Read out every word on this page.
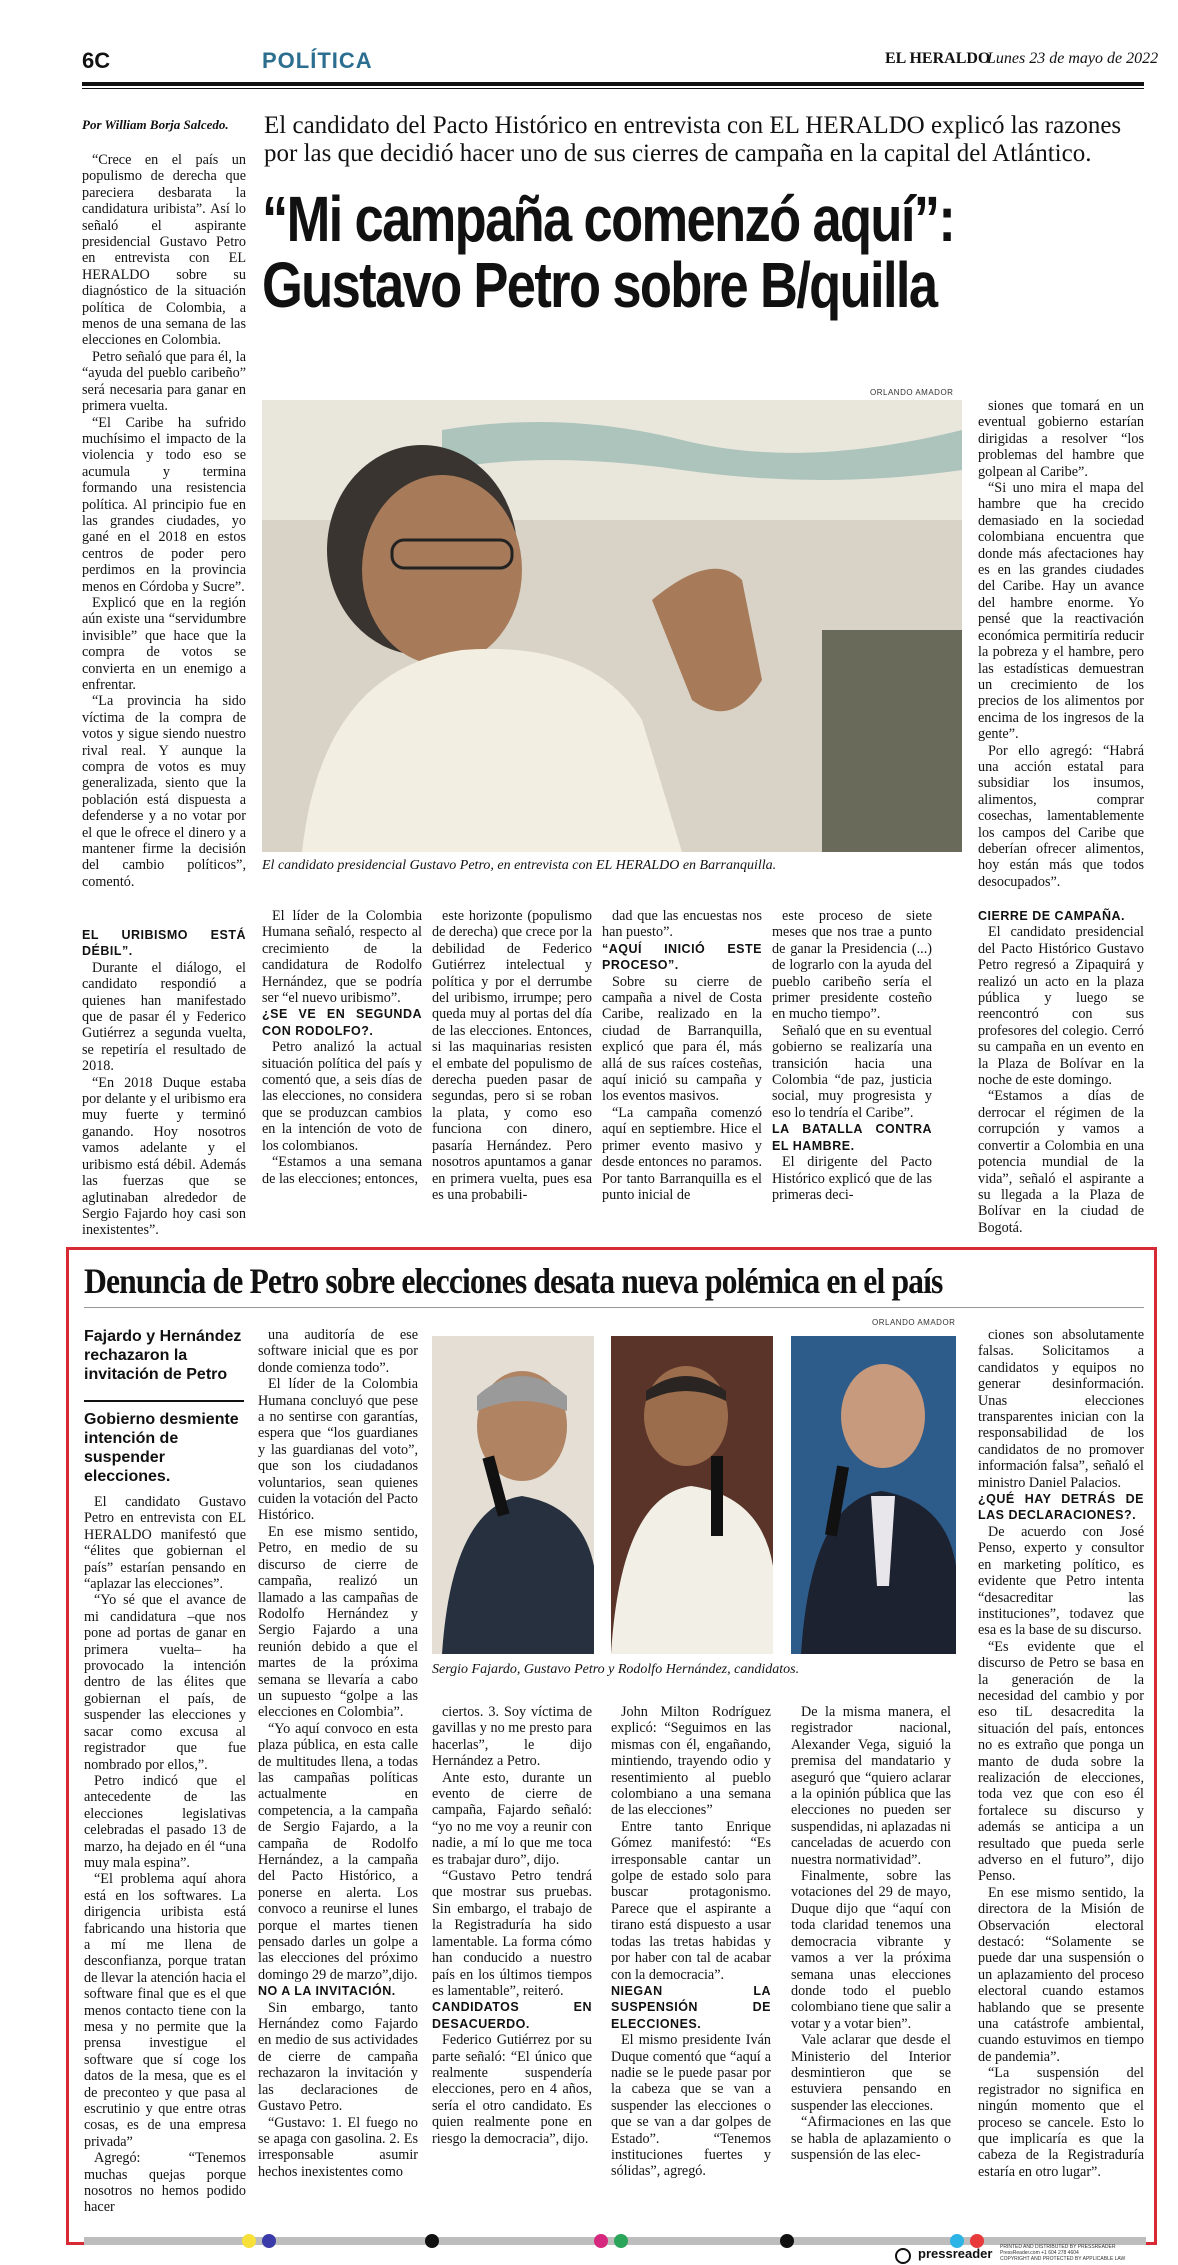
6C	POLÍTICA	EL HERALDO
Lunes 23 de mayo de 2022
Por William Borja Salcedo.	El candidato del Pacto Histórico en entrevista con EL HERALDO explicó las razones por las que decidió hacer uno de sus cierres de campaña en la capital del Atlántico.
“Mi campaña comenzó aquí”:
Gustavo Petro sobre B/quilla

“Crece en el país un populismo de derecha que pareciera desbarata la candidatura uribista”. Así lo señaló el aspirante presidencial Gustavo Petro en entrevista con EL HERALDO sobre su diagnóstico de la situación política de Colombia, a menos de una semana de las elecciones en Colombia.

Petro señaló que para él, la “ayuda del pueblo caribeño” será necesaria para ganar en primera vuelta.

“El Caribe ha sufrido muchísimo el impacto de la violencia y todo eso se acumula y termina formando una resistencia política. Al principio fue en las grandes ciudades, yo gané en el 2018 en estos centros de poder pero perdimos en la provincia menos en Córdoba y Sucre”.

Explicó que en la región aún existe una “servidumbre invisible” que hace que la compra de votos se convierta en un enemigo a enfrentar.

“La provincia ha sido víctima de la compra de votos y sigue siendo nuestro rival real. Y aunque la compra de votos es muy generalizada, siento que la población está dispuesta a defenderse y a no votar por el que le ofrece el dinero y a mantener firme la decisión del cambio políticos”, comentó.

EL URIBISMO ESTÁ DÉBIL”.

Durante el diálogo, el candidato respondió a quienes han manifestado que de pasar él y Federico Gutiérrez a segunda vuelta, se repetiría el resultado de 2018.

“En 2018 Duque estaba por delante y el uribismo era muy fuerte y terminó ganando. Hoy nosotros vamos adelante y el uribismo está débil. Además las fuerzas que se aglutinaban alrededor de Sergio Fajardo hoy casi son inexistentes”.

ORLANDO AMADOR
El candidato presidencial Gustavo Petro, en entrevista con EL HERALDO en Barranquilla.

El líder de la Colombia Humana señaló, respecto al crecimiento de la candidatura de Rodolfo Hernández, que se podría ser “el nuevo uribismo”.

¿SE VE EN SEGUNDA CON RODOLFO?.

Petro analizó la actual situación política del país y comentó que, a seis días de las elecciones, no considera que se produzcan cambios en la intención de voto de los colombianos.

“Estamos a una semana de las elecciones; entonces,

este horizonte (populismo de derecha) que crece por la debilidad de Federico Gutiérrez intelectual y política y por el derrumbe del uribismo, irrumpe; pero queda muy al portas del día de las elecciones. Entonces, si las maquinarias resisten el embate del populismo de derecha pueden pasar de segundas, pero si se roban la plata, y como eso funciona con dinero, pasaría Hernández. Pero nosotros apuntamos a ganar en primera vuelta, pues esa es una probabili-

dad que las encuestas nos han puesto”.

“AQUÍ INICIÓ ESTE PROCESO”.

Sobre su cierre de campaña a nivel de Costa Caribe, realizado en la ciudad de Barranquilla, explicó que para él, más allá de sus raíces costeñas, aquí inició su campaña y los eventos masivos.

“La campaña comenzó aquí en septiembre. Hice el primer evento masivo y desde entonces no paramos. Por tanto Barranquilla es el punto inicial de

este proceso de siete meses que nos trae a punto de ganar la Presidencia (...) de lograrlo con la ayuda del pueblo caribeño sería el primer presidente costeño en mucho tiempo”.

Señaló que en su eventual gobierno se realizaría una transición hacia una Colombia “de paz, justicia social, muy progresista y eso lo tendría el Caribe”.

LA BATALLA CONTRA EL HAMBRE.

El dirigente del Pacto Histórico explicó que de las primeras deci-

siones que tomará en un eventual gobierno estarían dirigidas a resolver “los problemas del hambre que golpean al Caribe”.

“Si uno mira el mapa del hambre que ha crecido demasiado en la sociedad colombiana encuentra que donde más afectaciones hay es en las grandes ciudades del Caribe. Hay un avance del hambre enorme. Yo pensé que la reactivación económica permitiría reducir la pobreza y el hambre, pero las estadísticas demuestran un crecimiento de los precios de los alimentos por encima de los ingresos de la gente”.

Por ello agregó: “Habrá una acción estatal para subsidiar los insumos, alimentos, comprar cosechas, lamentablemente los campos del Caribe que deberían ofrecer alimentos, hoy están más que todos desocupados”.

CIERRE DE CAMPAÑA.

El candidato presidencial del Pacto Histórico Gustavo Petro regresó a Zipaquirá y realizó un acto en la plaza pública y luego se reencontró con sus profesores del colegio. Cerró su campaña en un evento en la Plaza de Bolívar en la noche de este domingo.

“Estamos a días de derrocar el régimen de la corrupción y vamos a convertir a Colombia en una potencia mundial de la vida”, señaló el aspirante a su llegada a la Plaza de Bolívar en la ciudad de Bogotá.

Denuncia de Petro sobre elecciones desata nueva polémica en el país
Fajardo y Hernández rechazaron la invitación de Petro
Gobierno desmiente intención de suspender elecciones.

El candidato Gustavo Petro en entrevista con EL HERALDO manifestó que “élites que gobiernan el país” estarían pensando en “aplazar las elecciones”.

“Yo sé que el avance de mi candidatura –que nos pone ad portas de ganar en primera vuelta– ha provocado la intención dentro de las élites que gobiernan el país, de suspender las elecciones y sacar como excusa al registrador que fue nombrado por ellos,”.

Petro indicó que el antecedente de las elecciones legislativas celebradas el pasado 13 de marzo, ha dejado en él “una muy mala espina”.

“El problema aquí ahora está en los softwares. La dirigencia uribista está fabricando una historia que a mí me llena de desconfianza, porque tratan de llevar la atención hacia el software final que es el que menos contacto tiene con la mesa y no permite que la prensa investigue el software que sí coge los datos de la mesa, que es el de preconteo y que pasa al escrutinio y que entre otras cosas, es de una empresa privada”

Agregó: “Tenemos muchas quejas porque nosotros no hemos podido hacer

una auditoría de ese software inicial que es por donde comienza todo”.

El líder de la Colombia Humana concluyó que pese a no sentirse con garantías, espera que “los guardianes y las guardianas del voto”, que son los ciudadanos voluntarios, sean quienes cuiden la votación del Pacto Histórico.

En ese mismo sentido, Petro, en medio de su discurso de cierre de campaña, realizó un llamado a las campañas de Rodolfo Hernández y Sergio Fajardo a una reunión debido a que el martes de la próxima semana se llevaría a cabo un supuesto “golpe a las elecciones en Colombia”.

“Yo aquí convoco en esta plaza pública, en esta calle de multitudes llena, a todas las campañas políticas actualmente en competencia, a la campaña de Sergio Fajardo, a la campaña de Rodolfo Hernández, a la campaña del Pacto Histórico, a ponerse en alerta. Los convoco a reunirse el lunes porque el martes tienen pensado darles un golpe a las elecciones del próximo domingo 29 de marzo”,dijo.

NO A LA INVITACIÓN.

Sin embargo, tanto Hernández como Fajardo en medio de sus actividades de cierre de campaña rechazaron la invitación y las declaraciones de Gustavo Petro.

“Gustavo: 1. El fuego no se apaga con gasolina. 2. Es irresponsable asumir hechos inexistentes como

ORLANDO AMADOR
Sergio Fajardo, Gustavo Petro y Rodolfo Hernández, candidatos.

ciertos. 3. Soy víctima de gavillas y no me presto para hacerlas”, le dijo Hernández a Petro.

Ante esto, durante un evento de cierre de campaña, Fajardo señaló: “yo no me voy a reunir con nadie, a mí lo que me toca es trabajar duro”, dijo.

“Gustavo Petro tendrá que mostrar sus pruebas. Sin embargo, el trabajo de la Registraduría ha sido lamentable. La forma cómo han conducido a nuestro país en los últimos tiempos es lamentable”, reiteró.

CANDIDATOS EN DESACUERDO.

Federico Gutiérrez por su parte señaló: “El único que realmente suspendería elecciones, pero en 4 años, sería el otro candidato. Es quien realmente pone en riesgo la democracia”, dijo.

John Milton Rodríguez explicó: “Seguimos en las mismas con él, engañando, mintiendo, trayendo odio y resentimiento al pueblo colombiano a una semana de las elecciones”

Entre tanto Enrique Gómez manifestó: “Es irresponsable cantar un golpe de estado solo para buscar protagonismo. Parece que el aspirante a tirano está dispuesto a usar todas las tretas habidas y por haber con tal de acabar con la democracia”.

NIEGAN LA SUSPENSIÓN DE ELECCIONES.

El mismo presidente Iván Duque comentó que “aquí a nadie se le puede pasar por la cabeza que se van a suspender las elecciones o que se van a dar golpes de Estado”. “Tenemos instituciones fuertes y sólidas”, agregó.

De la misma manera, el registrador nacional, Alexander Vega, siguió la premisa del mandatario y aseguró que “quiero aclarar a la opinión pública que las elecciones no pueden ser suspendidas, ni aplazadas ni canceladas de acuerdo con nuestra normatividad”.

Finalmente, sobre las votaciones del 29 de mayo, Duque dijo que “aquí con toda claridad tenemos una democracia vibrante y vamos a ver la próxima semana unas elecciones donde todo el pueblo colombiano tiene que salir a votar y a votar bien”.

Vale aclarar que desde el Ministerio del Interior desmintieron que se estuviera pensando en suspender las elecciones.

“Afirmaciones en las que se habla de aplazamiento o suspensión de las elec-

ciones son absolutamente falsas. Solicitamos a candidatos y equipos no generar desinformación. Unas elecciones transparentes inician con la responsabilidad de los candidatos de no promover información falsa”, señaló el ministro Daniel Palacios.

¿QUÉ HAY DETRÁS DE LAS DECLARACIONES?.

De acuerdo con José Penso, experto y consultor en marketing político, es evidente que Petro intenta “desacreditar las instituciones”, todavez que esa es la base de su discurso.

“Es evidente que el discurso de Petro se basa en la generación de la necesidad del cambio y por eso tiL desacredita la situación del país, entonces no es extraño que ponga un manto de duda sobre la realización de elecciones, toda vez que con eso él fortalece su discurso y además se anticipa a un resultado que pueda serle adverso en el futuro”, dijo Penso.

En ese mismo sentido, la directora de la Misión de Observación electoral destacó: “Solamente se puede dar una suspensión o un aplazamiento del proceso electoral cuando estamos hablando que se presente una catástrofe ambiental, cuando estuvimos en tiempo de pandemia”.

“La suspensión del registrador no significa en ningún momento que el proceso se cancele. Esto lo que implicaría es que la cabeza de la Registraduría estaría en otro lugar”.

pressreader PRINTED AND DISTRIBUTED BY PRESSREADER
PressReader.com +1 604 278 4604
COPYRIGHT AND PROTECTED BY APPLICABLE LAW
